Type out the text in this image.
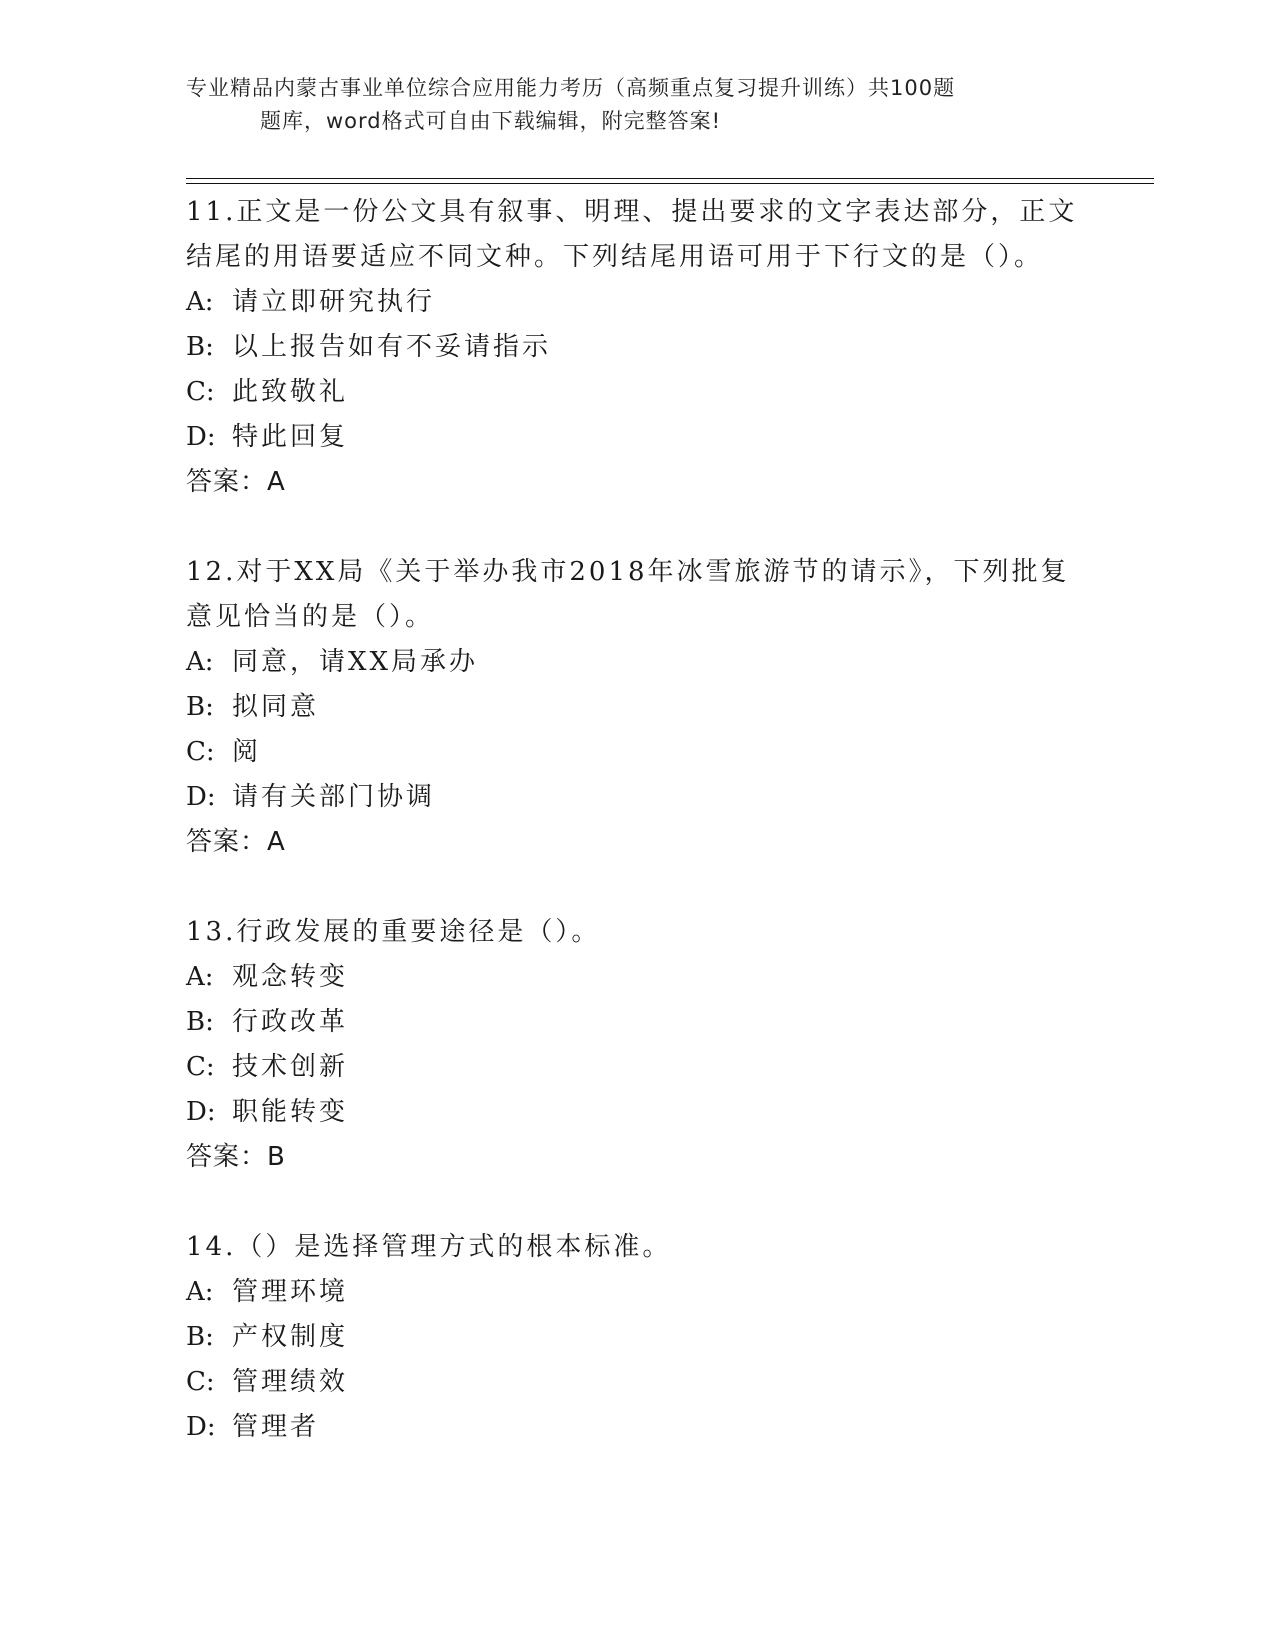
专业精品内蒙古事业单位综合应用能力考历（高频重点复习提升训练）共100题
题库，word格式可自由下载编辑，附完整答案!

11.正文是一份公文具有叙事、明理、提出要求的文字表达部分，正文结尾的用语要适应不同文种。下列结尾用语可用于下行文的是（）。

A: 请立即研究执行

B: 以上报告如有不妥请指示

C: 此致敬礼

D: 特此回复

答案：A

12.对于XX局《关于举办我市2018年冰雪旅游节的请示》，下列批复意见恰当的是（）。

A: 同意，请XX局承办

B: 拟同意

C: 阅

D: 请有关部门协调

答案：A

13.行政发展的重要途径是（）。

A: 观念转变

B: 行政改革

C: 技术创新

D: 职能转变

答案：B

14.（）是选择管理方式的根本标准。

A: 管理环境

B: 产权制度

C: 管理绩效

D: 管理者
